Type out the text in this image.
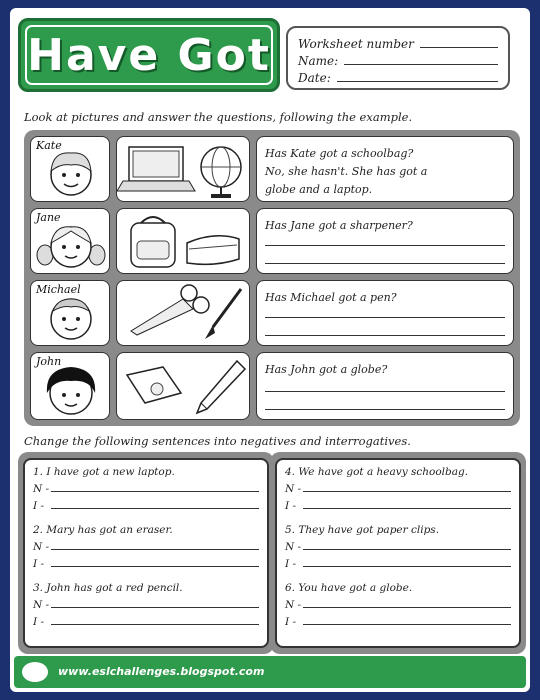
Have Got Worksheet number
Name:
Date:
Look at pictures and answer the questions, following the example.
Kate
Has Kate got a schoolbag?
No, she hasn't. She has got a
globe and a laptop.
Jane
Has Jane got a sharpener?
Michael
Has Michael got a pen?
John
Has John got a globe?
Change the following sentences into negatives and interrogatives.
1. I have got a new laptop.
N -
I -
2. Mary has got an eraser.
N -
I -
3. John has got a red pencil.
N -
I -
4. We have got a heavy schoolbag.
N -
I -
5. They have got paper clips.
N -
I -
6. You have got a globe.
N -
I -
www.eslchallenges.blogspot.com
